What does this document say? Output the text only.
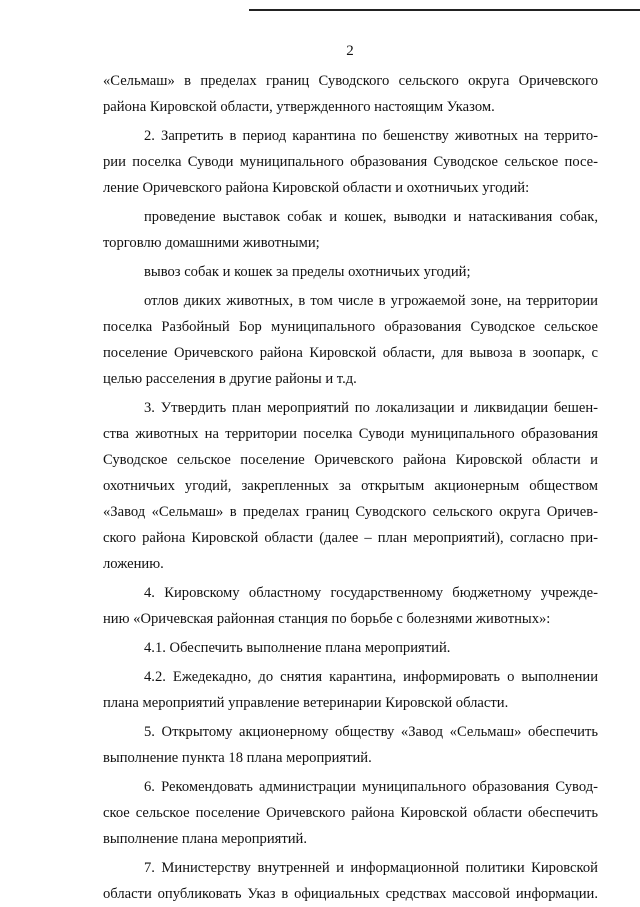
2
«Сельмаш» в пределах границ Суводского сельского округа Оричевского
района Кировской области, утвержденного настоящим Указом.
2. Запретить в период карантина по бешенству животных на террито-
рии поселка Суводи муниципального образования Суводское сельское посе-
ление Оричевского района Кировской области и охотничьих угодий:
проведение выставок собак и кошек, выводки и натаскивания собак,
торговлю домашними животными;
вывоз собак и кошек за пределы охотничьих угодий;
отлов диких животных, в том числе в угрожаемой зоне, на территории
поселка Разбойный Бор муниципального образования Суводское сельское
поселение Оричевского района Кировской области, для вывоза в зоопарк, с
целью расселения в другие районы и т.д.
3. Утвердить план мероприятий по локализации и ликвидации бешен-
ства животных на территории поселка Суводи муниципального образования
Суводское сельское поселение Оричевского района Кировской области и
охотничьих угодий, закрепленных за открытым акционерным обществом
«Завод «Сельмаш» в пределах границ Суводского сельского округа Оричев-
ского района Кировской области (далее – план мероприятий), согласно при-
ложению.
4. Кировскому областному государственному бюджетному учрежде-
нию «Оричевская районная станция по борьбе с болезнями животных»:
4.1. Обеспечить выполнение плана мероприятий.
4.2. Ежедекадно, до снятия карантина, информировать о выполнении
плана мероприятий управление ветеринарии Кировской области.
5. Открытому акционерному обществу «Завод «Сельмаш» обеспечить
выполнение пункта 18 плана мероприятий.
6. Рекомендовать администрации муниципального образования Сувод-
ское сельское поселение Оричевского района Кировской области обеспечить
выполнение плана мероприятий.
7. Министерству внутренней и информационной политики Кировской
области опубликовать Указ в официальных средствах массовой информации.
